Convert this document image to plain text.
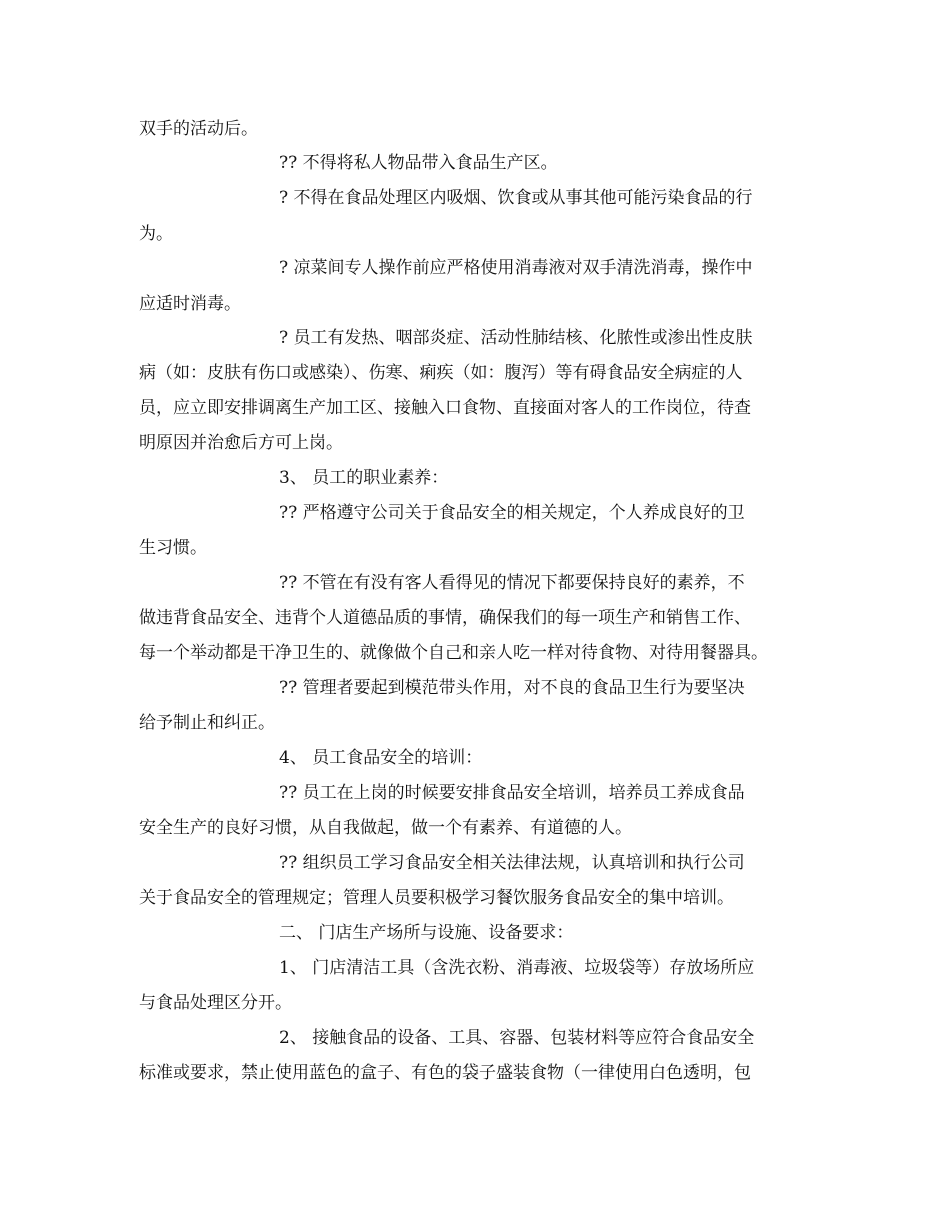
双手的活动后。
?? 不得将私人物品带入食品生产区。
? 不得在食品处理区内吸烟、饮食或从事其他可能污染食品的行
为。
? 凉菜间专人操作前应严格使用消毒液对双手清洗消毒，操作中
应适时消毒。
? 员工有发热、咽部炎症、活动性肺结核、化脓性或渗出性皮肤
病（如：皮肤有伤口或感染）、伤寒、痢疾（如：腹泻）等有碍食品安全病症的人
员，应立即安排调离生产加工区、接触入口食物、直接面对客人的工作岗位，待查
明原因并治愈后方可上岗。
3、 员工的职业素养：
?? 严格遵守公司关于食品安全的相关规定，个人养成良好的卫
生习惯。
?? 不管在有没有客人看得见的情况下都要保持良好的素养，不
做违背食品安全、违背个人道德品质的事情，确保我们的每一项生产和销售工作、
每一个举动都是干净卫生的、就像做个自己和亲人吃一样对待食物、对待用餐器具。
?? 管理者要起到模范带头作用，对不良的食品卫生行为要坚决
给予制止和纠正。
4、 员工食品安全的培训：
?? 员工在上岗的时候要安排食品安全培训，培养员工养成食品
安全生产的良好习惯，从自我做起，做一个有素养、有道德的人。
?? 组织员工学习食品安全相关法律法规，认真培训和执行公司
关于食品安全的管理规定；管理人员要积极学习餐饮服务食品安全的集中培训。
二、 门店生产场所与设施、设备要求：
1、 门店清洁工具（含洗衣粉、消毒液、垃圾袋等）存放场所应
与食品处理区分开。
2、 接触食品的设备、工具、容器、包装材料等应符合食品安全
标准或要求，禁止使用蓝色的盒子、有色的袋子盛装食物（一律使用白色透明，包
